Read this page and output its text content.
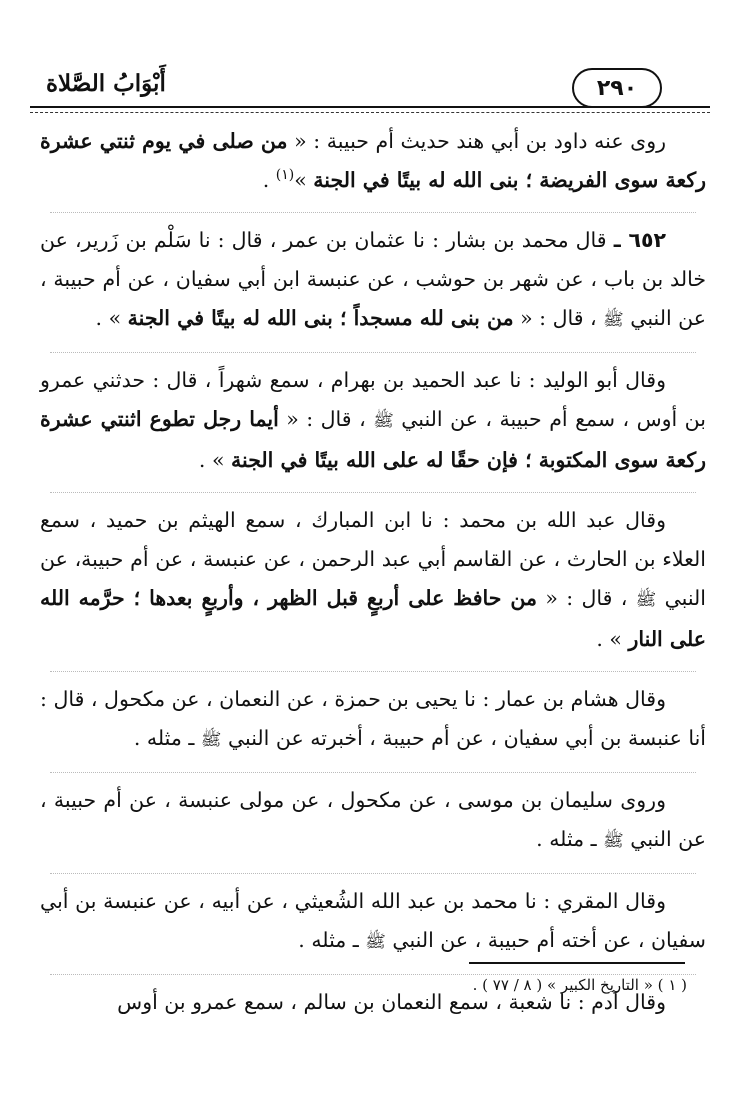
٢٩٠
أَبْوَابُ الصَّلاة

روى عنه داود بن أبي هند حديث أم حبيبة : « من صلى في يوم ثنتي عشرة ركعة سوى الفريضة ؛ بنى الله له بيتًا في الجنة »$^{(١)}$ .

٦٥٢ ـ قال محمد بن بشار : نا عثمان بن عمر ، قال : نا سَلْم بن زَرير، عن خالد بن باب ، عن شهر بن حوشب ، عن عنبسة ابن أبي سفيان ، عن أم حبيبة ، عن النبي ﷺ ، قال : « من بنى لله مسجداً ؛ بنى الله له بيتًا في الجنة » .

وقال أبو الوليد : نا عبد الحميد بن بهرام ، سمع شهراً ، قال : حدثني عمرو بن أوس ، سمع أم حبيبة ، عن النبي ﷺ ، قال : « أيما رجل تطوع اثنتي عشرة ركعة سوى المكتوبة ؛ فإن حقًا له على الله بيتًا في الجنة » .

وقال عبد الله بن محمد : نا ابن المبارك ، سمع الهيثم بن حميد ، سمع العلاء بن الحارث ، عن القاسم أبي عبد الرحمن ، عن عنبسة ، عن أم حبيبة، عن النبي ﷺ ، قال : « من حافظ على أربعٍ قبل الظهر ، وأربعٍ بعدها ؛ حرَّمه الله على النار » .

وقال هشام بن عمار : نا يحيى بن حمزة ، عن النعمان ، عن مكحول ، قال : أنا عنبسة بن أبي سفيان ، عن أم حبيبة ، أخبرته عن النبي ﷺ ـ مثله .

وروى سليمان بن موسى ، عن مكحول ، عن مولى عنبسة ، عن أم حبيبة ، عن النبي ﷺ ـ مثله .

وقال المقري : نا محمد بن عبد الله الشُعيثي ، عن أبيه ، عن عنبسة بن أبي سفيان ، عن أخته أم حبيبة ، عن النبي ﷺ ـ مثله .

وقال آدم : نا شعبة ، سمع النعمان بن سالم ، سمع عمرو بن أوس

( ١ ) « التاريخ الكبير » ( ٨ / ٧٧ ) .
